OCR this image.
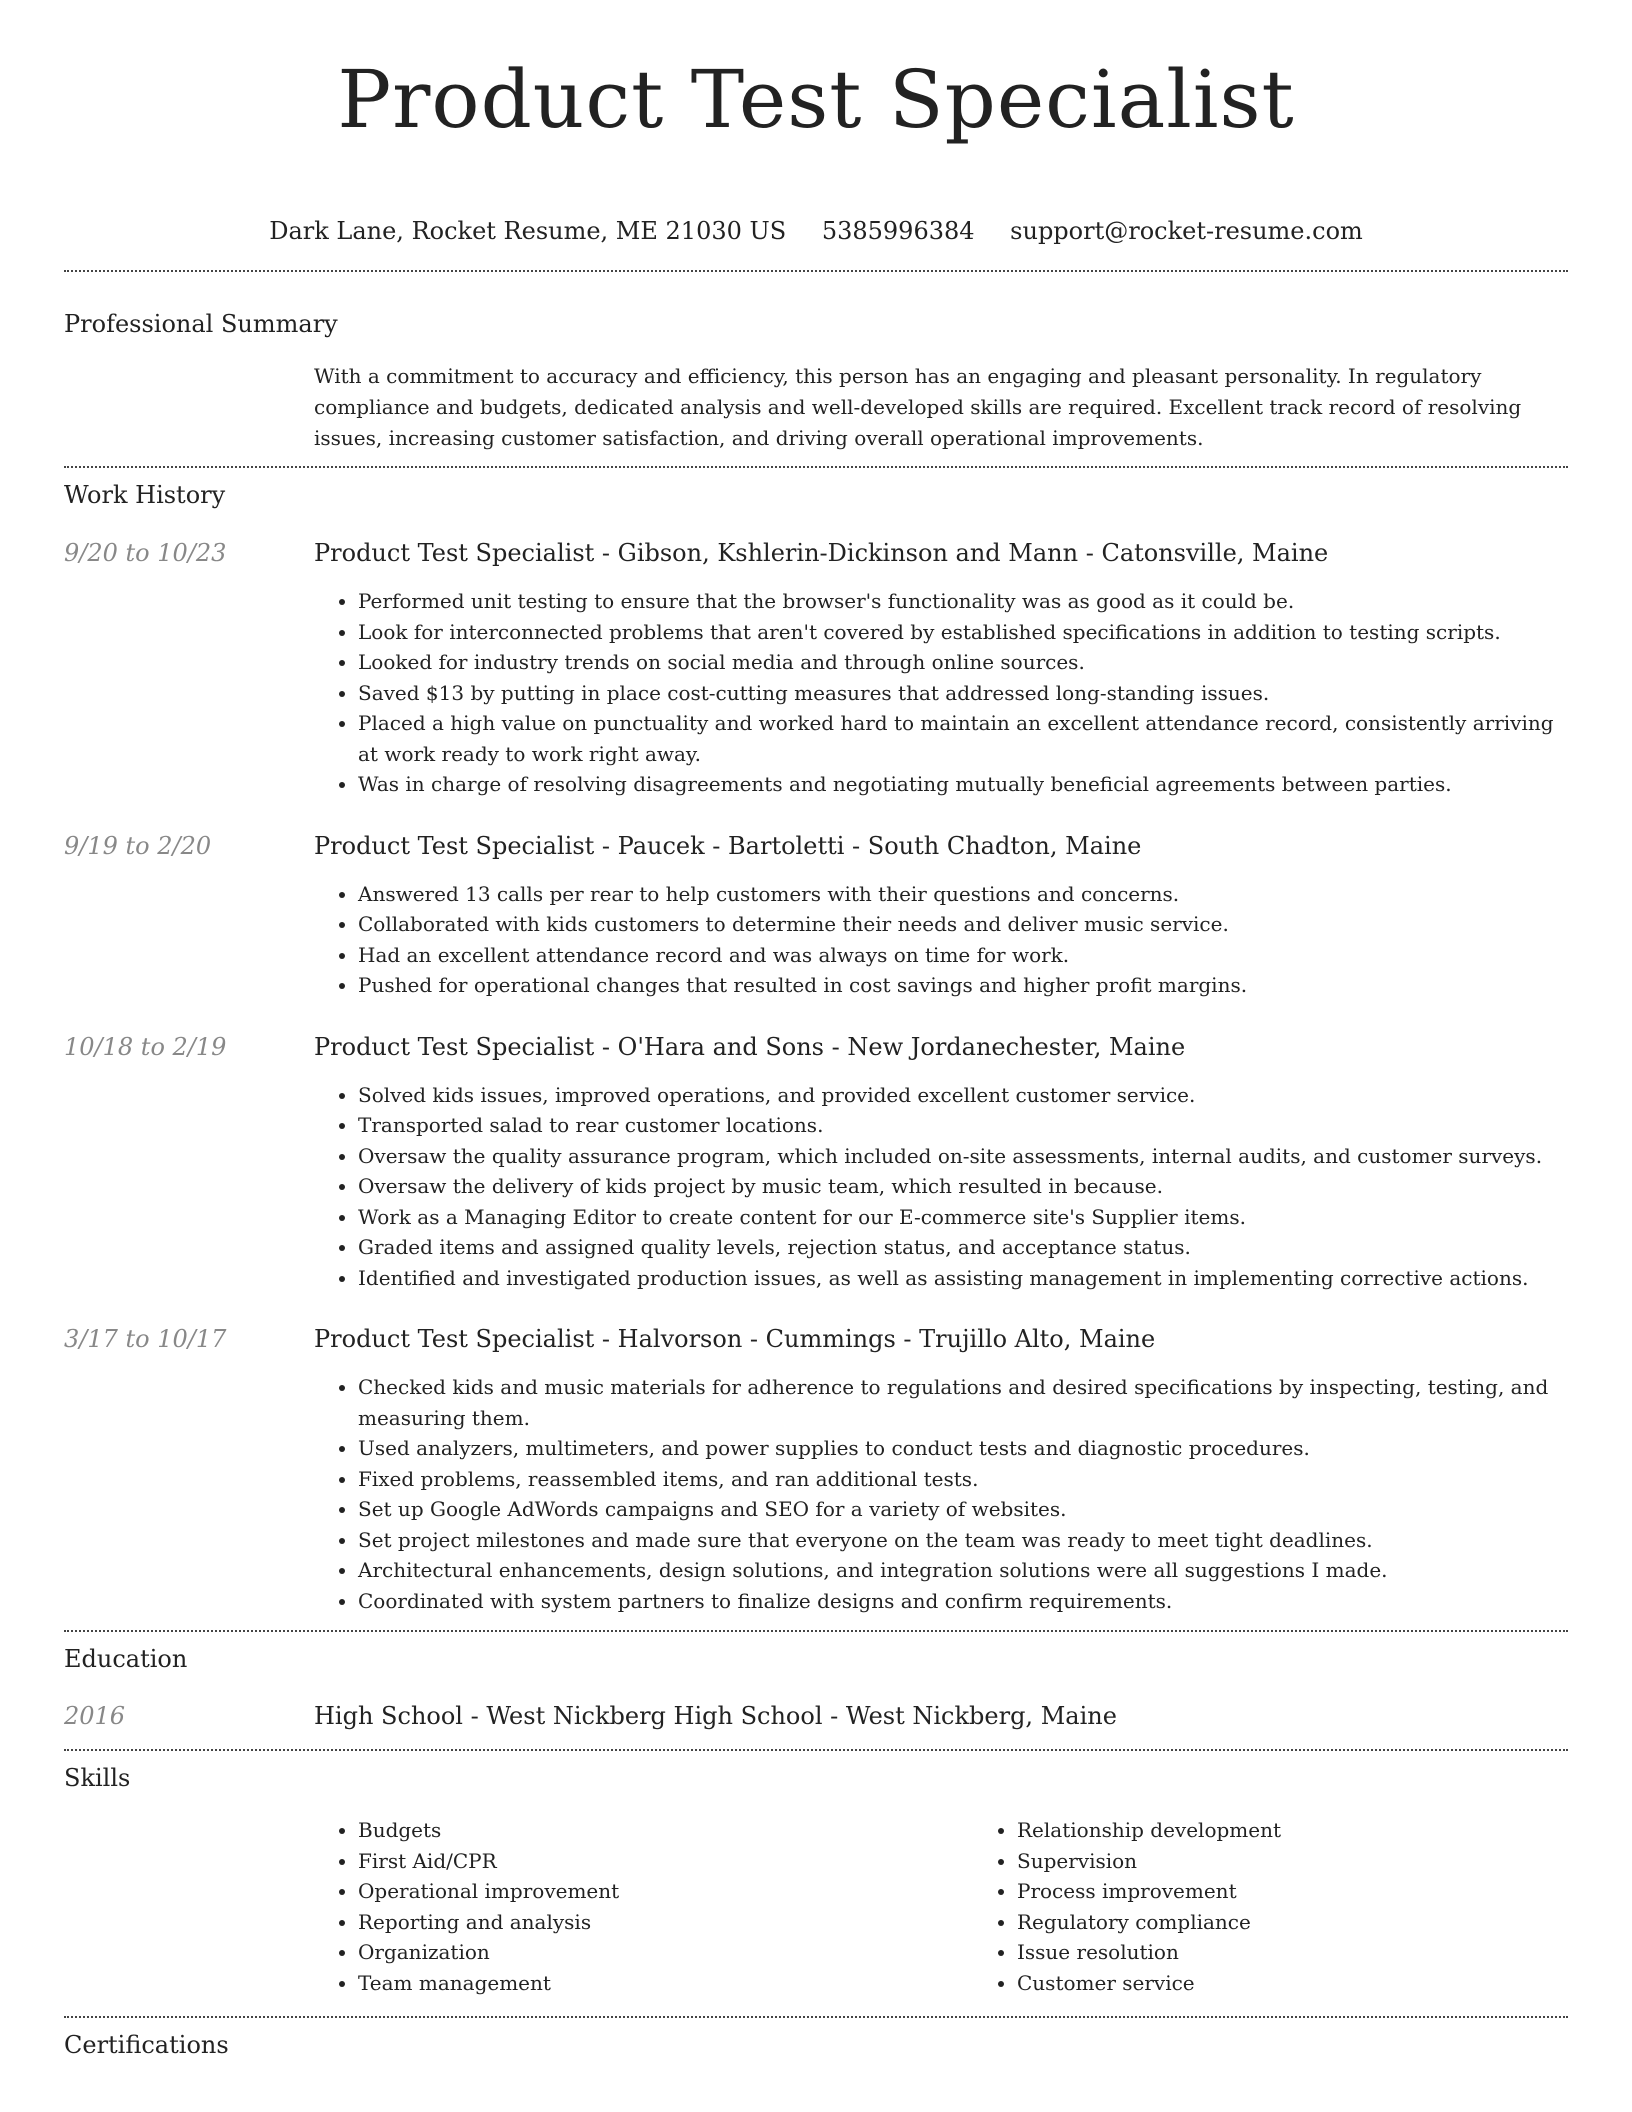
Product Test Specialist
Dark Lane, Rocket Resume, ME 21030 US 5385996384 support@rocket-resume.com
Professional Summary

With a commitment to accuracy and efficiency, this person has an engaging and pleasant personality. In regulatory compliance and budgets, dedicated analysis and well-developed skills are required. Excellent track record of resolving issues, increasing customer satisfaction, and driving overall operational improvements.

Work History
9/20 to 10/23	Product Test Specialist - Gibson, Kshlerin-Dickinson and Mann - Catonsville, Maine
• Performed unit testing to ensure that the browser's functionality was as good as it could be.
• Look for interconnected problems that aren't covered by established specifications in addition to testing scripts.
• Looked for industry trends on social media and through online sources.
• Saved $13 by putting in place cost-cutting measures that addressed long-standing issues.
• Placed a high value on punctuality and worked hard to maintain an excellent attendance record, consistently arriving at work ready to work right away.
• Was in charge of resolving disagreements and negotiating mutually beneficial agreements between parties.
9/19 to 2/20	Product Test Specialist - Paucek - Bartoletti - South Chadton, Maine
• Answered 13 calls per rear to help customers with their questions and concerns.
• Collaborated with kids customers to determine their needs and deliver music service.
• Had an excellent attendance record and was always on time for work.
• Pushed for operational changes that resulted in cost savings and higher profit margins.
10/18 to 2/19	Product Test Specialist - O'Hara and Sons - New Jordanechester, Maine
• Solved kids issues, improved operations, and provided excellent customer service.
• Transported salad to rear customer locations.
• Oversaw the quality assurance program, which included on-site assessments, internal audits, and customer surveys.
• Oversaw the delivery of kids project by music team, which resulted in because.
• Work as a Managing Editor to create content for our E-commerce site's Supplier items.
• Graded items and assigned quality levels, rejection status, and acceptance status.
• Identified and investigated production issues, as well as assisting management in implementing corrective actions.
3/17 to 10/17	Product Test Specialist - Halvorson - Cummings - Trujillo Alto, Maine
• Checked kids and music materials for adherence to regulations and desired specifications by inspecting, testing, and measuring them.
• Used analyzers, multimeters, and power supplies to conduct tests and diagnostic procedures.
• Fixed problems, reassembled items, and ran additional tests.
• Set up Google AdWords campaigns and SEO for a variety of websites.
• Set project milestones and made sure that everyone on the team was ready to meet tight deadlines.
• Architectural enhancements, design solutions, and integration solutions were all suggestions I made.
• Coordinated with system partners to finalize designs and confirm requirements.
Education
2016	High School - West Nickberg High School - West Nickberg, Maine
Skills
• Budgets
• First Aid/CPR
• Operational improvement
• Reporting and analysis
• Organization
• Team management
• Relationship development
• Supervision
• Process improvement
• Regulatory compliance
• Issue resolution
• Customer service
Certifications
